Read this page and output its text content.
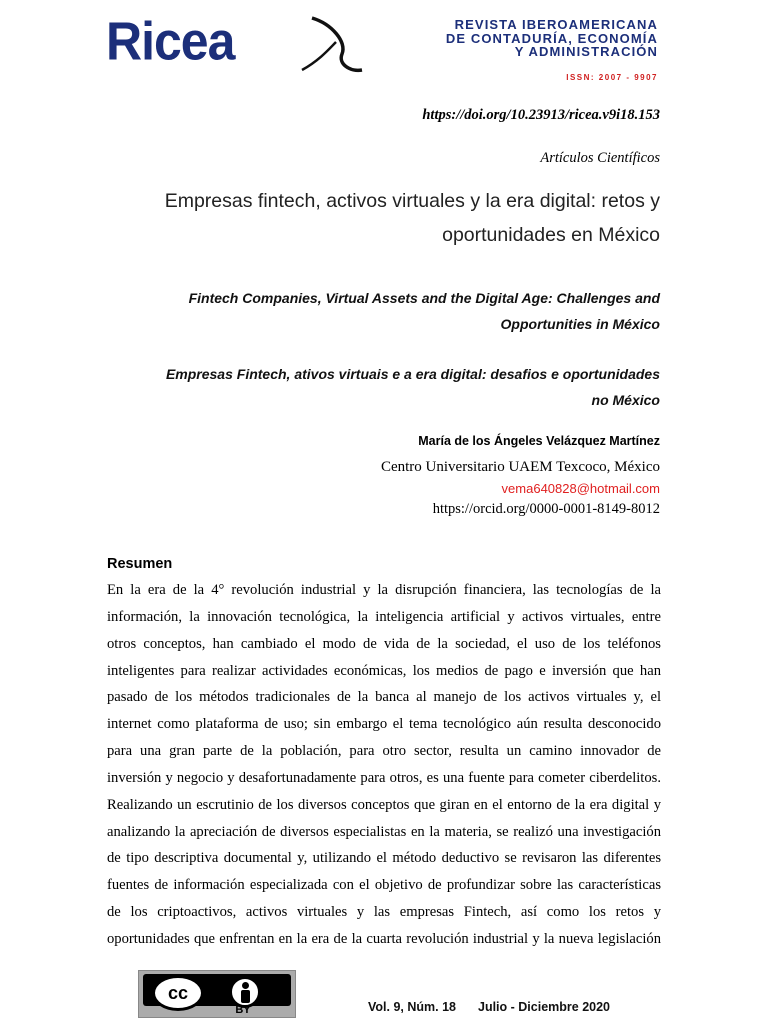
Ricea	REVISTA IBEROAMERICANA
DE CONTADURÍA, ECONOMÍA
Y ADMINISTRACIÓN
ISSN: 2007 - 9907
https://doi.org/10.23913/ricea.v9i18.153
Artículos Científicos
Empresas fintech, activos virtuales y la era digital: retos y
oportunidades en México
Fintech Companies, Virtual Assets and the Digital Age: Challenges and
Opportunities in México
Empresas Fintech, ativos virtuais e a era digital: desafios e oportunidades
no México
María de los Ángeles Velázquez Martínez
Centro Universitario UAEM Texcoco, México
vema640828@hotmail.com
https://orcid.org/0000-0001-8149-8012
Resumen
En la era de la 4° revolución industrial y la disrupción financiera, las tecnologías de la
información, la innovación tecnológica, la inteligencia artificial y activos virtuales, entre
otros conceptos, han cambiado el modo de vida de la sociedad, el uso de los teléfonos
inteligentes para realizar actividades económicas, los medios de pago e inversión que han
pasado de los métodos tradicionales de la banca al manejo de los activos virtuales y, el
internet como plataforma de uso; sin embargo el tema tecnológico aún resulta desconocido
para una gran parte de la población, para otro sector, resulta un camino innovador de
inversión y negocio y desafortunadamente para otros, es una fuente para cometer ciberdelitos.
Realizando un escrutinio de los diversos conceptos que giran en el entorno de la era digital y
analizando la apreciación de diversos especialistas en la materia, se realizó una investigación
de tipo descriptiva documental y, utilizando el método deductivo se revisaron las diferentes
fuentes de información especializada con el objetivo de profundizar sobre las características
de los criptoactivos, activos virtuales y las empresas Fintech, así como los retos y
oportunidades que enfrentan en la era de la cuarta revolución industrial y la nueva legislación
cc
BY	Vol. 9, Núm. 18 Julio - Diciembre 2020
